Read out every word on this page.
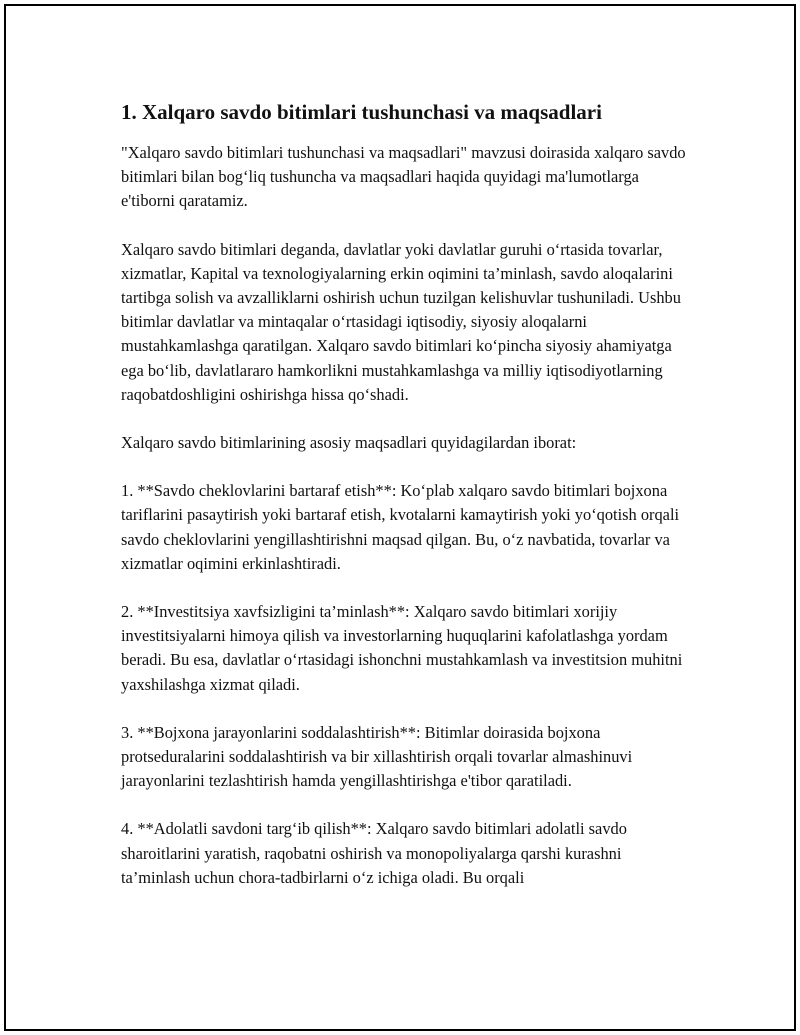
1. Xalqaro savdo bitimlari tushunchasi va maqsadlari

"Xalqaro savdo bitimlari tushunchasi va maqsadlari" mavzusi doirasida xalqaro savdo bitimlari bilan bog‘liq tushuncha va maqsadlari haqida quyidagi ma'lumotlarga e'tiborni qaratamiz.

Xalqaro savdo bitimlari deganda, davlatlar yoki davlatlar guruhi o‘rtasida tovarlar, xizmatlar, Kapital va texnologiyalarning erkin oqimini ta’minlash, savdo aloqalarini tartibga solish va avzalliklarni oshirish uchun tuzilgan kelishuvlar tushuniladi. Ushbu bitimlar davlatlar va mintaqalar o‘rtasidagi iqtisodiy, siyosiy aloqalarni mustahkamlashga qaratilgan. Xalqaro savdo bitimlari ko‘pincha siyosiy ahamiyatga ega bo‘lib, davlatlararo hamkorlikni mustahkamlashga va milliy iqtisodiyotlarning raqobatdoshligini oshirishga hissa qo‘shadi.

Xalqaro savdo bitimlarining asosiy maqsadlari quyidagilardan iborat:

1. **Savdo cheklovlarini bartaraf etish**: Ko‘plab xalqaro savdo bitimlari bojxona tariflarini pasaytirish yoki bartaraf etish, kvotalarni kamaytirish yoki yo‘qotish orqali savdo cheklovlarini yengillashtirishni maqsad qilgan. Bu, o‘z navbatida, tovarlar va xizmatlar oqimini erkinlashtiradi.

2. **Investitsiya xavfsizligini ta’minlash**: Xalqaro savdo bitimlari xorijiy investitsiyalarni himoya qilish va investorlarning huquqlarini kafolatlashga yordam beradi. Bu esa, davlatlar o‘rtasidagi ishonchni mustahkamlash va investitsion muhitni yaxshilashga xizmat qiladi.

3. **Bojxona jarayonlarini soddalashtirish**: Bitimlar doirasida bojxona protseduralarini soddalashtirish va bir xillashtirish orqali tovarlar almashinuvi jarayonlarini tezlashtirish hamda yengillashtirishga e'tibor qaratiladi.

4. **Adolatli savdoni targ‘ib qilish**: Xalqaro savdo bitimlari adolatli savdo sharoitlarini yaratish, raqobatni oshirish va monopoliyalarga qarshi kurashni ta’minlash uchun chora-tadbirlarni o‘z ichiga oladi. Bu orqali
